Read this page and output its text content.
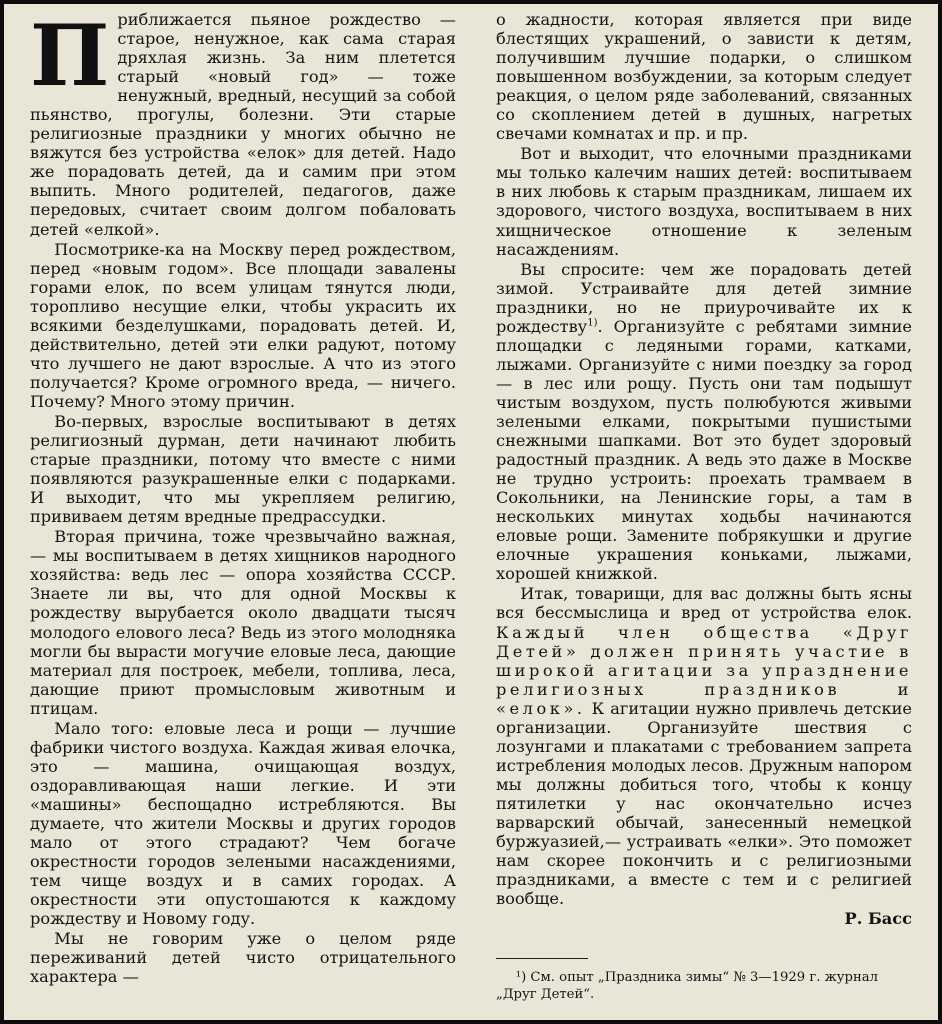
Приближается пьяное рождество — старое, ненужное, как сама старая дряхлая жизнь. За ним плетется старый «новый год» — тоже ненужный, вредный, несущий за собой пьянство, прогулы, болезни. Эти старые религиозные праздники у многих обычно не вяжутся без устройства «елок» для детей. Надо же порадовать детей, да и самим при этом выпить. Много родителей, педагогов, даже передовых, считает своим долгом побаловать детей «елкой».

Посмотрике-ка на Москву перед рождеством, перед «новым годом». Все площади завалены горами елок, по всем улицам тянутся люди, торопливо несущие елки, чтобы украсить их всякими безделушками, порадовать детей. И, действительно, детей эти елки радуют, потому что лучшего не дают взрослые. А что из этого получается? Кроме огромного вреда, — ничего. Почему? Много этому причин.

Во-первых, взрослые воспитывают в детях религиозный дурман, дети начинают любить старые праздники, потому что вместе с ними появляются разукрашенные елки с подарками. И выходит, что мы укрепляем религию, прививаем детям вредные предрассудки.

Вторая причина, тоже чрезвычайно важная, — мы воспитываем в детях хищников народного хозяйства: ведь лес — опора хозяйства СССР. Знаете ли вы, что для одной Москвы к рождеству вырубается около двадцати тысяч молодого елового леса? Ведь из этого молодняка могли бы вырасти могучие еловые леса, дающие материал для построек, мебели, топлива, леса, дающие приют промысловым животным и птицам.

Мало того: еловые леса и рощи — лучшие фабрики чистого воздуха. Каждая живая елочка, это — машина, очищающая воздух, оздоравливающая наши легкие. И эти «машины» беспощадно истребляются. Вы думаете, что жители Москвы и других городов мало от этого страдают? Чем богаче окрестности городов зелеными насаждениями, тем чище воздух и в самих городах. А окрестности эти опустошаются к каждому рождеству и Новому году.

Мы не говорим уже о целом ряде переживаний детей чисто отрицательного характера —

о жадности, которая является при виде блестящих украшений, о зависти к детям, получившим лучшие подарки, о слишком повышенном возбуждении, за которым следует реакция, о целом ряде заболеваний, связанных со скоплением детей в душных, нагретых свечами комнатах и пр. и пр.

Вот и выходит, что елочными праздниками мы только калечим наших детей: воспитываем в них любовь к старым праздникам, лишаем их здорового, чистого воздуха, воспитываем в них хищническое отношение к зеленым насаждениям.

Вы спросите: чем же порадовать детей зимой. Устраивайте для детей зимние праздники, но не приурочивайте их к рождеству$^{1)}$. Организуйте с ребятами зимние площадки с ледяными горами, катками, лыжами. Организуйте с ними поездку за город — в лес или рощу. Пусть они там подышут чистым воздухом, пусть полюбуются живыми зелеными елками, покрытыми пушистыми снежными шапками. Вот это будет здоровый радостный праздник. А ведь это даже в Москве не трудно устроить: проехать трамваем в Сокольники, на Ленинские горы, а там в нескольких минутах ходьбы начинаются еловые рощи. Замените побрякушки и другие елочные украшения коньками, лыжами, хорошей книжкой.

Итак, товарищи, для вас должны быть ясны вся бессмыслица и вред от устройства елок. Каждый член общества «Друг Детей» должен принять участие в широкой агитации за упразднение религиозных праздников и «елок». К агитации нужно привлечь детские организации. Организуйте шествия с лозунгами и плакатами с требованием запрета истребления молодых лесов. Дружным напором мы должны добиться того, чтобы к концу пятилетки у нас окончательно исчез варварский обычай, занесенный немецкой буржуазией,— устраивать «елки». Это поможет нам скорее покончить и с религиозными праздниками, а вместе с тем и с религией вообще.

Р. Басс

¹) См. опыт „Праздника зимы“ № 3—1929 г. журнал „Друг Детей“.
